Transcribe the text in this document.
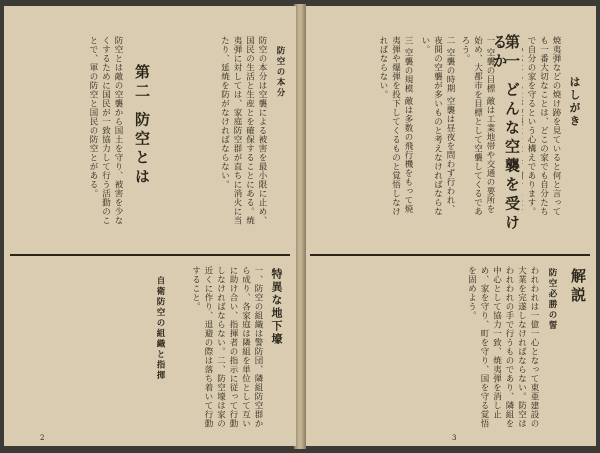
はしがき
焼夷弾などの焼け跡を見ていると何と言っても一番大切なことは、どこの家でも自分たちで自分の家を守るという心構えであります。
第一 どんな空襲を受けるか
一 空襲の目標 敵は工業地帯や交通の要所を始め、大都市を目標として空襲してくるであろう。
二 空襲の時期 空襲は昼夜を問わず行われ、夜間の空襲が多いものと考えなければならない。
三 空襲の規模 敵は多数の飛行機をもって焼夷弾や爆弾を投下してくるものと覚悟しなければならない。
解説
防空必勝の誓
われわれは一億一心となって東亜建設の大業を完遂しなければならない。防空はわれわれの手で行うものであり、隣組を中心として協力一致、焼夷弾を消し止め、家を守り、町を守り、国を守る覚悟を固めよう。
3
防空の本分
防空の本分は空襲による被害を最小限に止め、国民の生活と生産とを確保することにある。焼夷弾に対しては、家庭防空群が直ちに消火に当たり、延焼を防がなければならない。
第二 防空とは
防空とは敵の空襲から国土を守り、被害を少なくするために国民が一致協力して行う活動のことで、軍の防空と国民の防空とがある。
特異な地下壕
自衛防空の組織と指揮	一、防空の組織は警防団、隣組防空群から成り、各家庭は隣組を単位として互いに助け合い、指揮者の指示に従って行動しなければならない。二、防空壕は家の近くに作り、退避の際は落ち着いて行動すること。
2
